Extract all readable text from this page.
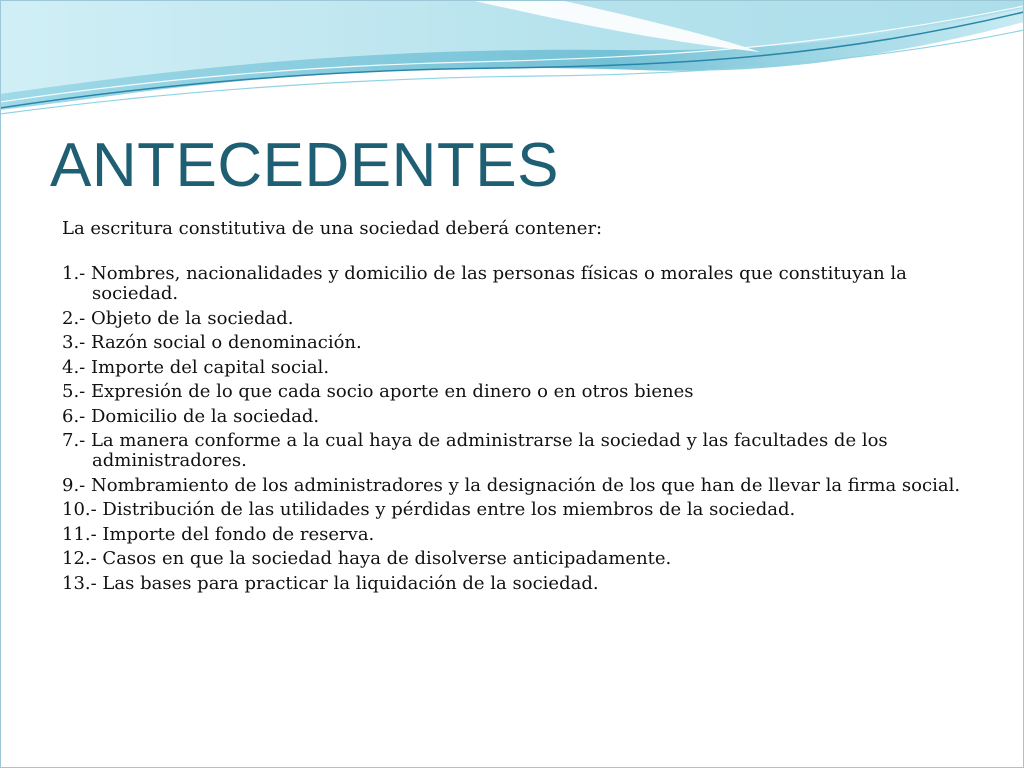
ANTECEDENTES

La escritura constitutiva de una sociedad deberá contener:

1.- Nombres, nacionalidades y domicilio de las personas físicas o morales que constituyan la sociedad.
2.- Objeto de la sociedad.
3.- Razón social o denominación.
4.- Importe del capital social.
5.- Expresión de lo que cada socio aporte en dinero o en otros bienes
6.- Domicilio de la sociedad.
7.- La manera conforme a la cual haya de administrarse la sociedad y las facultades de los administradores.
9.- Nombramiento de los administradores y la designación de los que han de llevar la firma social.
10.- Distribución de las utilidades y pérdidas entre los miembros de la sociedad.
11.- Importe del fondo de reserva.
12.- Casos en que la sociedad haya de disolverse anticipadamente.
13.- Las bases para practicar la liquidación de la sociedad.
